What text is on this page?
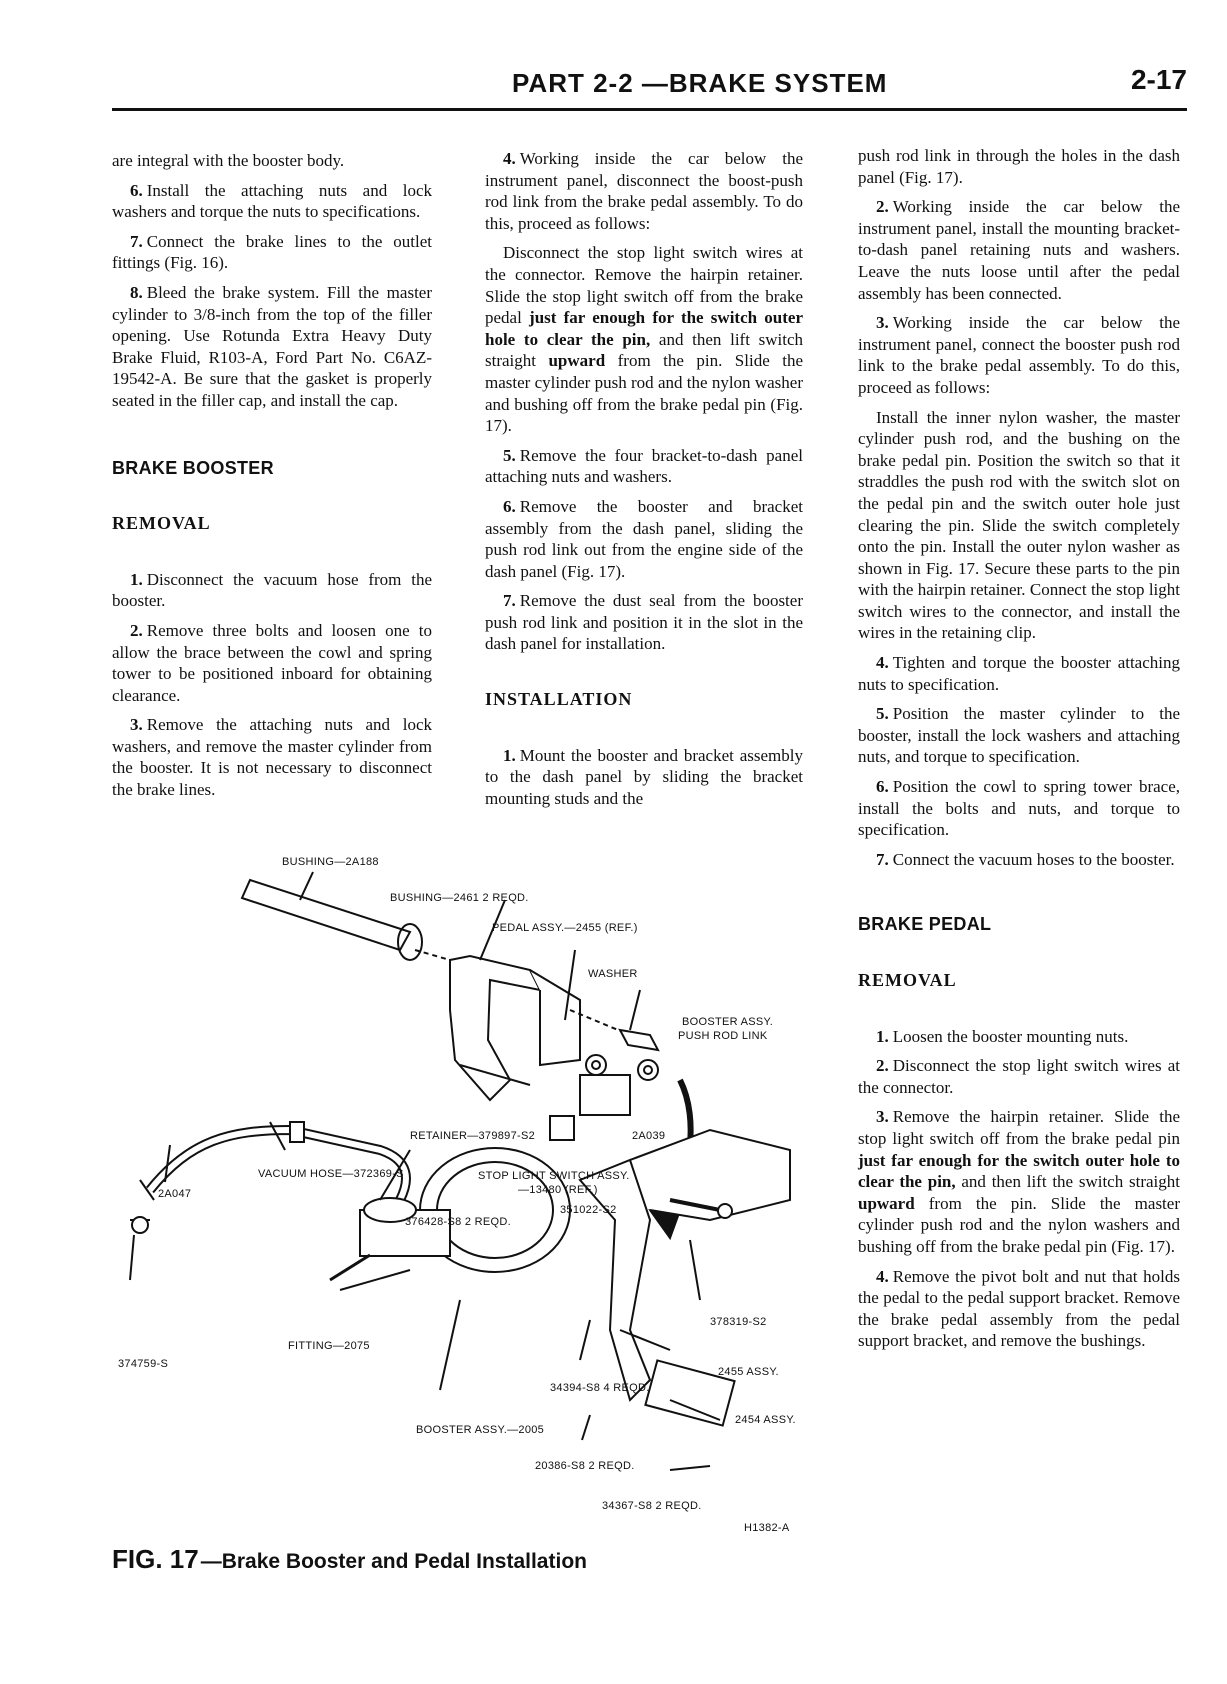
PART 2-2 —BRAKE SYSTEM	2-17

are integral with the booster body.

6. Install the attaching nuts and lock washers and torque the nuts to specifications.

7. Connect the brake lines to the outlet fittings (Fig. 16).

8. Bleed the brake system. Fill the master cylinder to 3/8-inch from the top of the filler opening. Use Rotunda Extra Heavy Duty Brake Fluid, R103-A, Ford Part No. C6AZ-19542-A. Be sure that the gasket is properly seated in the filler cap, and install the cap.

BRAKE BOOSTER
REMOVAL

1. Disconnect the vacuum hose from the booster.

2. Remove three bolts and loosen one to allow the brace between the cowl and spring tower to be positioned inboard for obtaining clearance.

3. Remove the attaching nuts and lock washers, and remove the master cylinder from the booster. It is not necessary to disconnect the brake lines.

4. Working inside the car below the instrument panel, disconnect the boost-push rod link from the brake pedal assembly. To do this, proceed as follows:

Disconnect the stop light switch wires at the connector. Remove the hairpin retainer. Slide the stop light switch off from the brake pedal just far enough for the switch outer hole to clear the pin, and then lift switch straight upward from the pin. Slide the master cylinder push rod and the nylon washer and bushing off from the brake pedal pin (Fig. 17).

5. Remove the four bracket-to-dash panel attaching nuts and washers.

6. Remove the booster and bracket assembly from the dash panel, sliding the push rod link out from the engine side of the dash panel (Fig. 17).

7. Remove the dust seal from the booster push rod link and position it in the slot in the dash panel for installation.

INSTALLATION

1. Mount the booster and bracket assembly to the dash panel by sliding the bracket mounting studs and the

push rod link in through the holes in the dash panel (Fig. 17).

2. Working inside the car below the instrument panel, install the mounting bracket-to-dash panel retaining nuts and washers. Leave the nuts loose until after the pedal assembly has been connected.

3. Working inside the car below the instrument panel, connect the booster push rod link to the brake pedal assembly. To do this, proceed as follows:

Install the inner nylon washer, the master cylinder push rod, and the bushing on the brake pedal pin. Position the switch so that it straddles the push rod with the switch slot on the pedal pin and the switch outer hole just clearing the pin. Slide the switch completely onto the pin. Install the outer nylon washer as shown in Fig. 17. Secure these parts to the pin with the hairpin retainer. Connect the stop light switch wires to the connector, and install the wires in the retaining clip.

4. Tighten and torque the booster attaching nuts to specification.

5. Position the master cylinder to the booster, install the lock washers and attaching nuts, and torque to specification.

6. Position the cowl to spring tower brace, install the bolts and nuts, and torque to specification.

7. Connect the vacuum hoses to the booster.

BRAKE PEDAL
REMOVAL

1. Loosen the booster mounting nuts.

2. Disconnect the stop light switch wires at the connector.

3. Remove the hairpin retainer. Slide the stop light switch off from the brake pedal pin just far enough for the switch outer hole to clear the pin, and then lift the switch straight upward from the pin. Slide the master cylinder push rod and the nylon washers and bushing off from the brake pedal pin (Fig. 17).

4. Remove the pivot bolt and nut that holds the pedal to the pedal support bracket. Remove the brake pedal assembly from the pedal support bracket, and remove the bushings.

BUSHING—2A188
BUSHING—2461 2 REQD.
PEDAL ASSY.—2455 (REF.)
WASHER
BOOSTER ASSY.
PUSH ROD LINK
RETAINER—379897-S2	2A039
VACUUM HOSE—372369-S	STOP LIGHT SWITCH ASSY.
—13480 (REF.)
2A047
351022-S2
376428-S8 2 REQD.
378319-S2
FITTING—2075
374759-S
2455 ASSY.
34394-S8 4 REQD.
2454 ASSY.
BOOSTER ASSY.—2005
20386-S8 2 REQD.
34367-S8 2 REQD.
H1382-A
FIG. 17—Brake Booster and Pedal Installation
